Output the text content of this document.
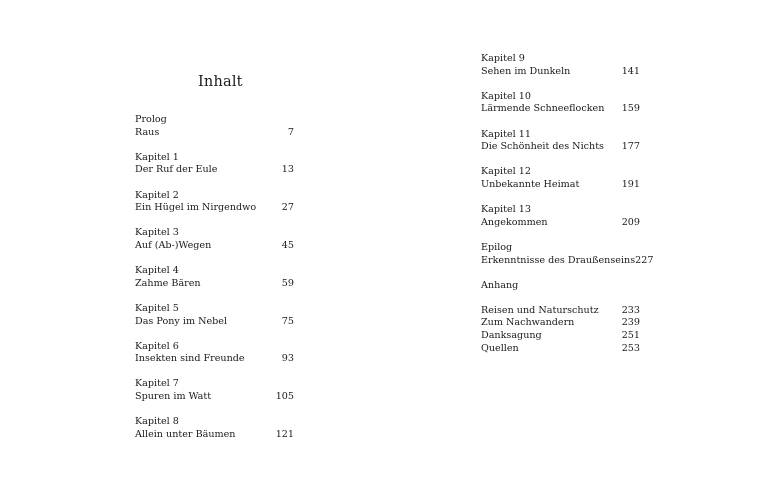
Inhalt
Prolog
Raus	7
Kapitel 1
Der Ruf der Eule	13
Kapitel 2
Ein Hügel im Nirgendwo	27
Kapitel 3
Auf (Ab-)Wegen	45
Kapitel 4
Zahme Bären	59
Kapitel 5
Das Pony im Nebel	75
Kapitel 6
Insekten sind Freunde	93
Kapitel 7
Spuren im Watt	105
Kapitel 8
Allein unter Bäumen	121
Kapitel 9
Sehen im Dunkeln	141
Kapitel 10
Lärmende Schneeflocken 159
Kapitel 11
Die Schönheit des Nichts 177
Kapitel 12
Unbekannte Heimat	191
Kapitel 13
Angekommen	209
Epilog
Erkenntnisse des Draußenseins 227
Anhang
Reisen und Naturschutz 233
Zum Nachwandern	239
Danksagung	251
Quellen	253
